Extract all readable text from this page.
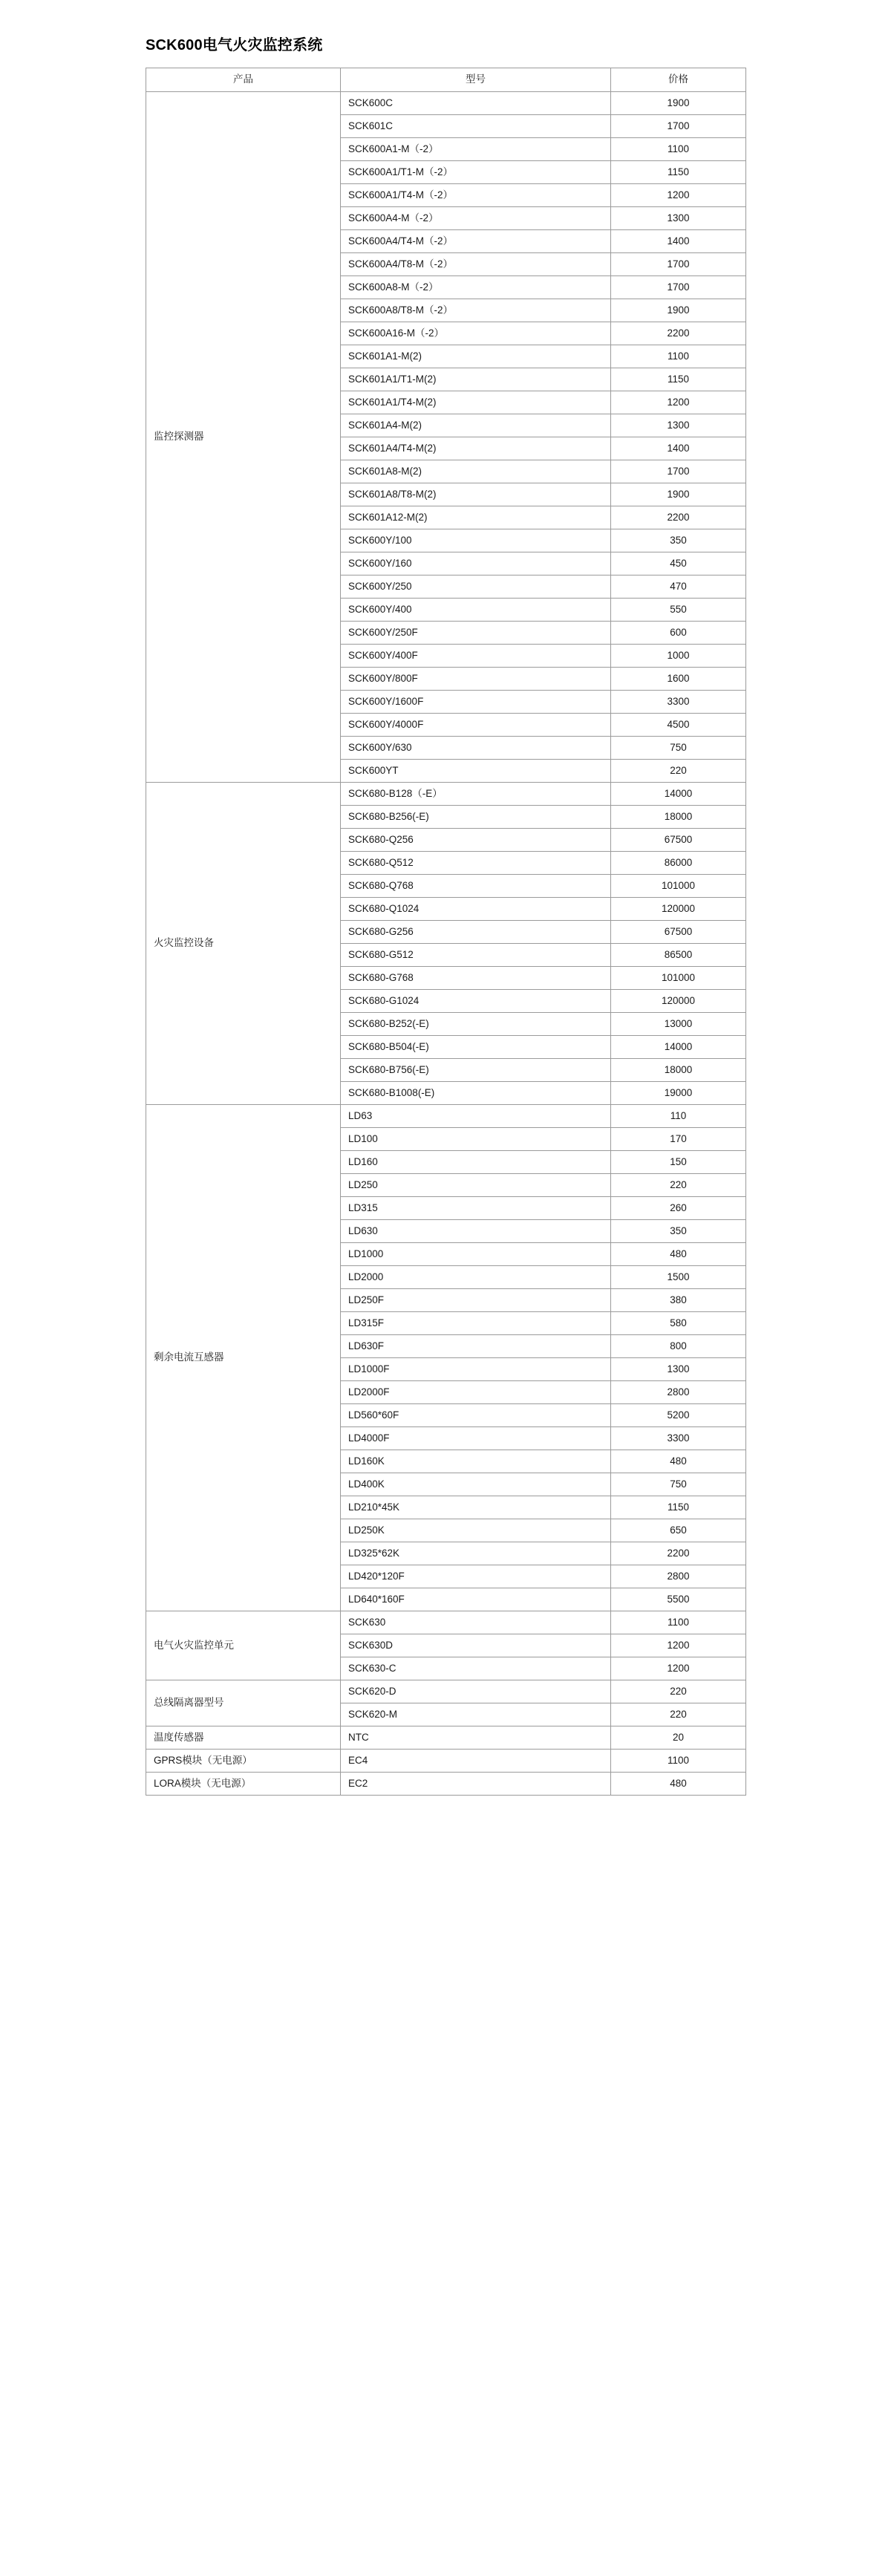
SCK600电气火灾监控系统
产品	型号	价格
监控探测器	SCK600C	1900
	SCK601C	1700
	SCK600A1-M（-2）	1100
	SCK600A1/T1-M（-2）	1150
	SCK600A1/T4-M（-2）	1200
	SCK600A4-M（-2）	1300
	SCK600A4/T4-M（-2）	1400
	SCK600A4/T8-M（-2）	1700
	SCK600A8-M（-2）	1700
	SCK600A8/T8-M（-2）	1900
	SCK600A16-M（-2）	2200
	SCK601A1-M(2)	1100
	SCK601A1/T1-M(2)	1150
	SCK601A1/T4-M(2)	1200
	SCK601A4-M(2)	1300
	SCK601A4/T4-M(2)	1400
	SCK601A8-M(2)	1700
	SCK601A8/T8-M(2)	1900
	SCK601A12-M(2)	2200
	SCK600Y/100	350
	SCK600Y/160	450
	SCK600Y/250	470
	SCK600Y/400	550
	SCK600Y/250F	600
	SCK600Y/400F	1000
	SCK600Y/800F	1600
	SCK600Y/1600F	3300
	SCK600Y/4000F	4500
	SCK600Y/630	750
	SCK600YT	220
火灾监控设备	SCK680-B128（-E）	14000
	SCK680-B256(-E)	18000
	SCK680-Q256	67500
	SCK680-Q512	86000
	SCK680-Q768	101000
	SCK680-Q1024	120000
	SCK680-G256	67500
	SCK680-G512	86500
	SCK680-G768	101000
	SCK680-G1024	120000
	SCK680-B252(-E)	13000
	SCK680-B504(-E)	14000
	SCK680-B756(-E)	18000
	SCK680-B1008(-E)	19000
剩余电流互感器	LD63	110
	LD100	170
	LD160	150
	LD250	220
	LD315	260
	LD630	350
	LD1000	480
	LD2000	1500
	LD250F	380
	LD315F	580
	LD630F	800
	LD1000F	1300
	LD2000F	2800
	LD560*60F	5200
	LD4000F	3300
	LD160K	480
	LD400K	750
	LD210*45K	1150
	LD250K	650
	LD325*62K	2200
	LD420*120F	2800
	LD640*160F	5500
电气火灾监控单元	SCK630	1100
	SCK630D	1200
	SCK630-C	1200
总线隔离器型号	SCK620-D	220
	SCK620-M	220
温度传感器	NTC	20
GPRS模块（无电源）	EC4	1100
LORA模块（无电源）	EC2	480
